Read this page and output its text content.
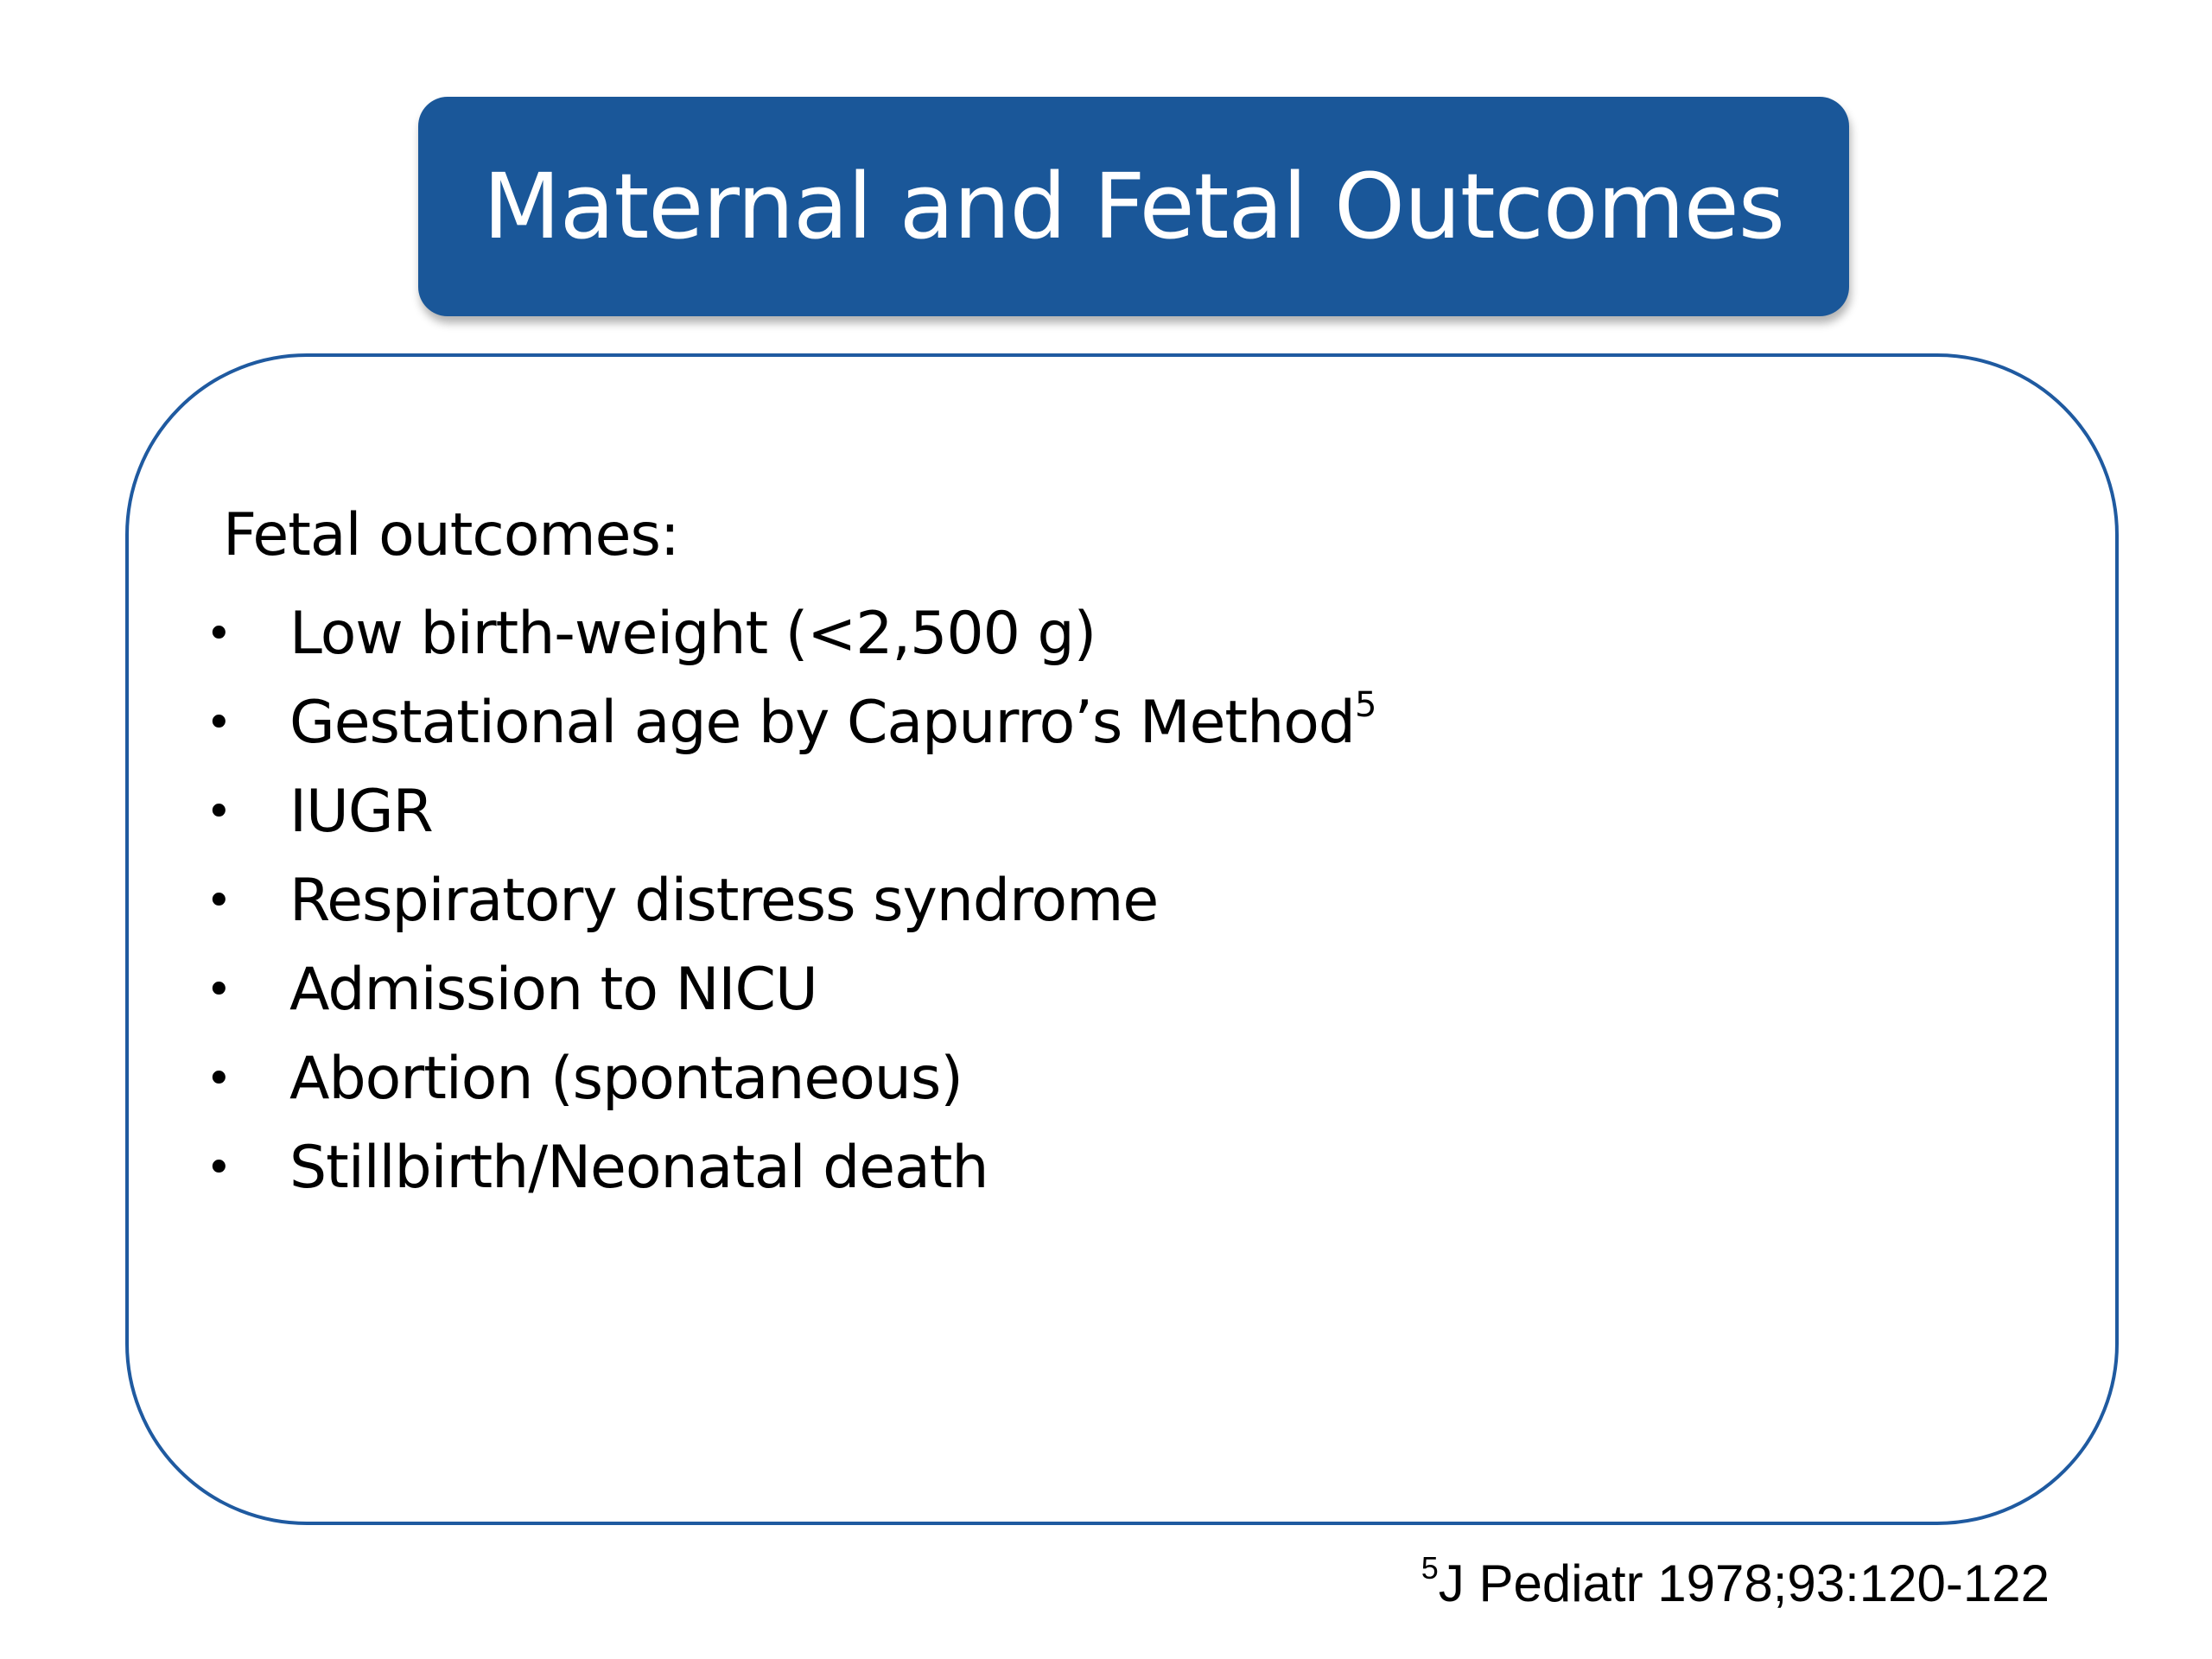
Maternal and Fetal Outcomes
Fetal outcomes:
• Low birth-weight (<2,500 g)
• Gestational age by Capurro’s Method$^5$
• IUGR
• Respiratory distress syndrome
• Admission to NICU
• Abortion (spontaneous)
• Stillbirth/Neonatal death
$^5$J Pediatr 1978;93:120-122
